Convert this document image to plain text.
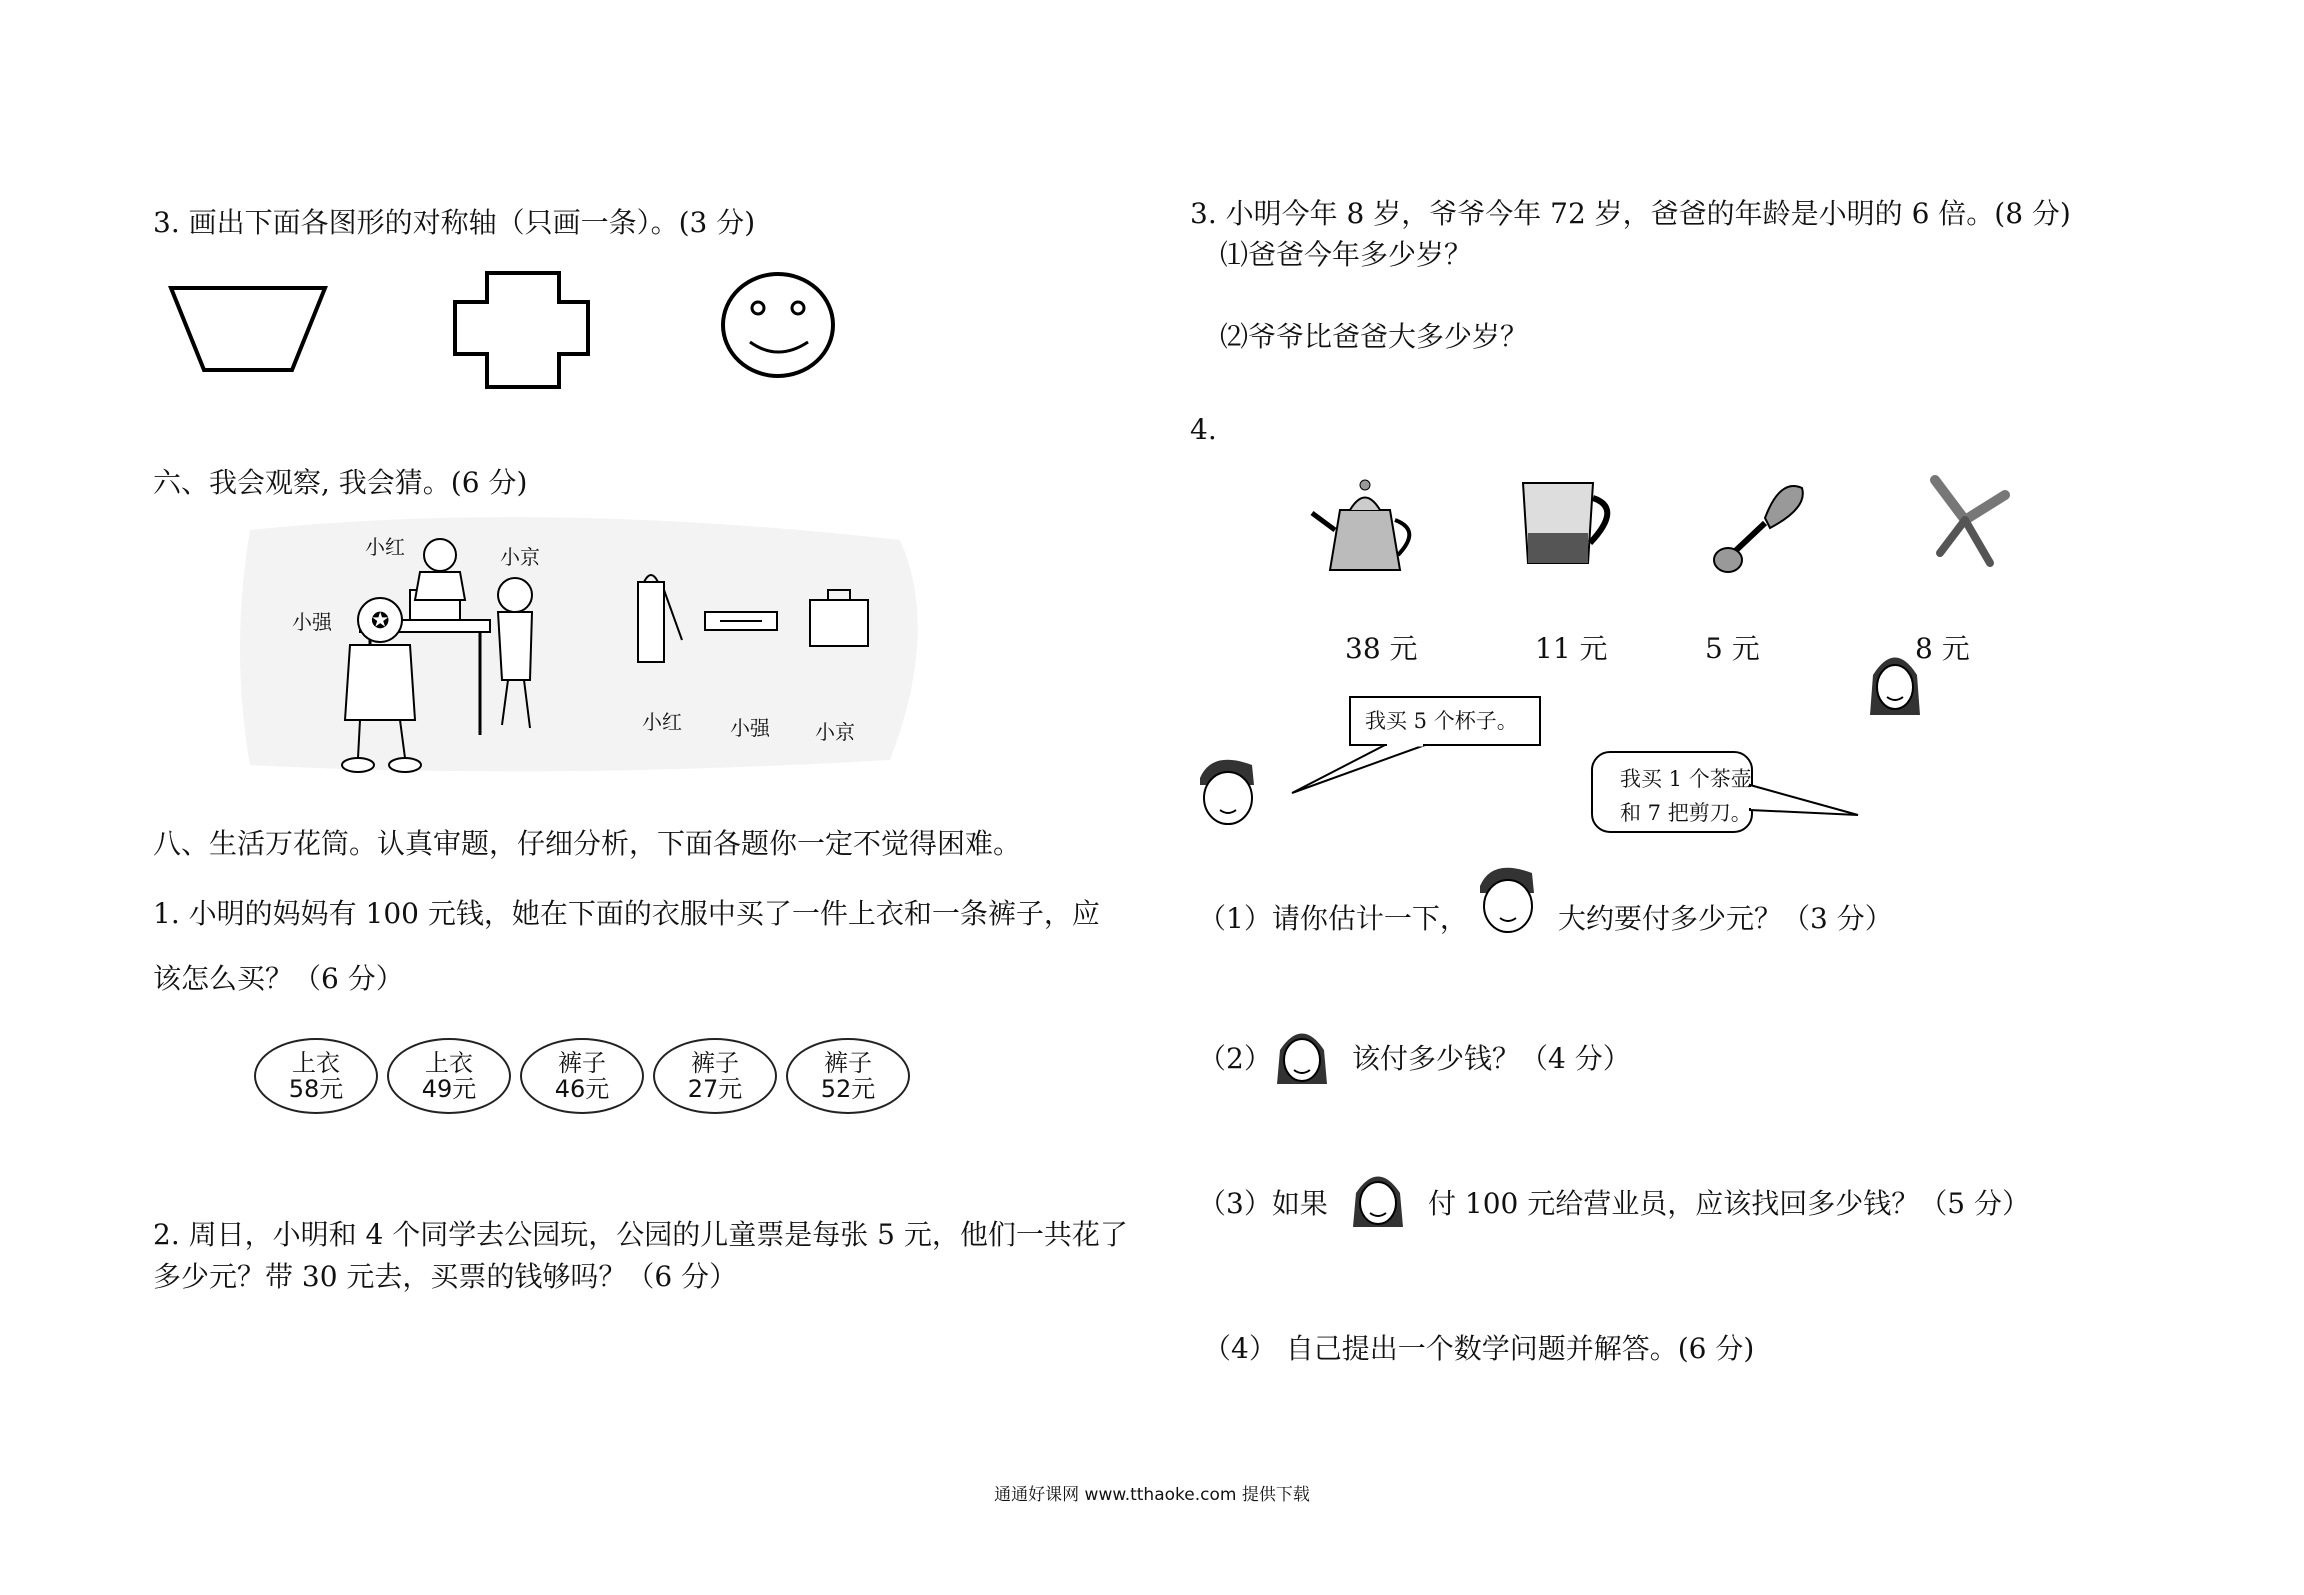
3. 画出下面各图形的对称轴（只画一条）。(3 分)
六、我会观察, 我会猜。(6 分)
✪
小红	小京
小强
小红 小强 小京
八、生活万花筒。认真审题，仔细分析，下面各题你一定不觉得困难。
1. 小明的妈妈有 100 元钱，她在下面的衣服中买了一件上衣和一条裤子，应
该怎么买？（6 分）
上衣
58元
上衣
49元
裤子
46元
裤子
27元
裤子
52元
2. 周日，小明和 4 个同学去公园玩，公园的儿童票是每张 5 元，他们一共花了
多少元？带 30 元去，买票的钱够吗？（6 分）
3. 小明今年 8 岁，爷爷今年 72 岁，爸爸的年龄是小明的 6 倍。(8 分)
⑴爸爸今年多少岁？
⑵爷爷比爸爸大多少岁？
4.
38 元	11 元	5 元	8 元
我买 5 个杯子。
我买 1 个茶壶
和 7 把剪刀。
（1）请你估计一下，	大约要付多少元？（3 分）
（2）	该付多少钱？（4 分）
（3）如果	付 100 元给营业员，应该找回多少钱？（5 分）
（4） 自己提出一个数学问题并解答。(6 分)
通通好课网 www.tthaoke.com 提供下载
